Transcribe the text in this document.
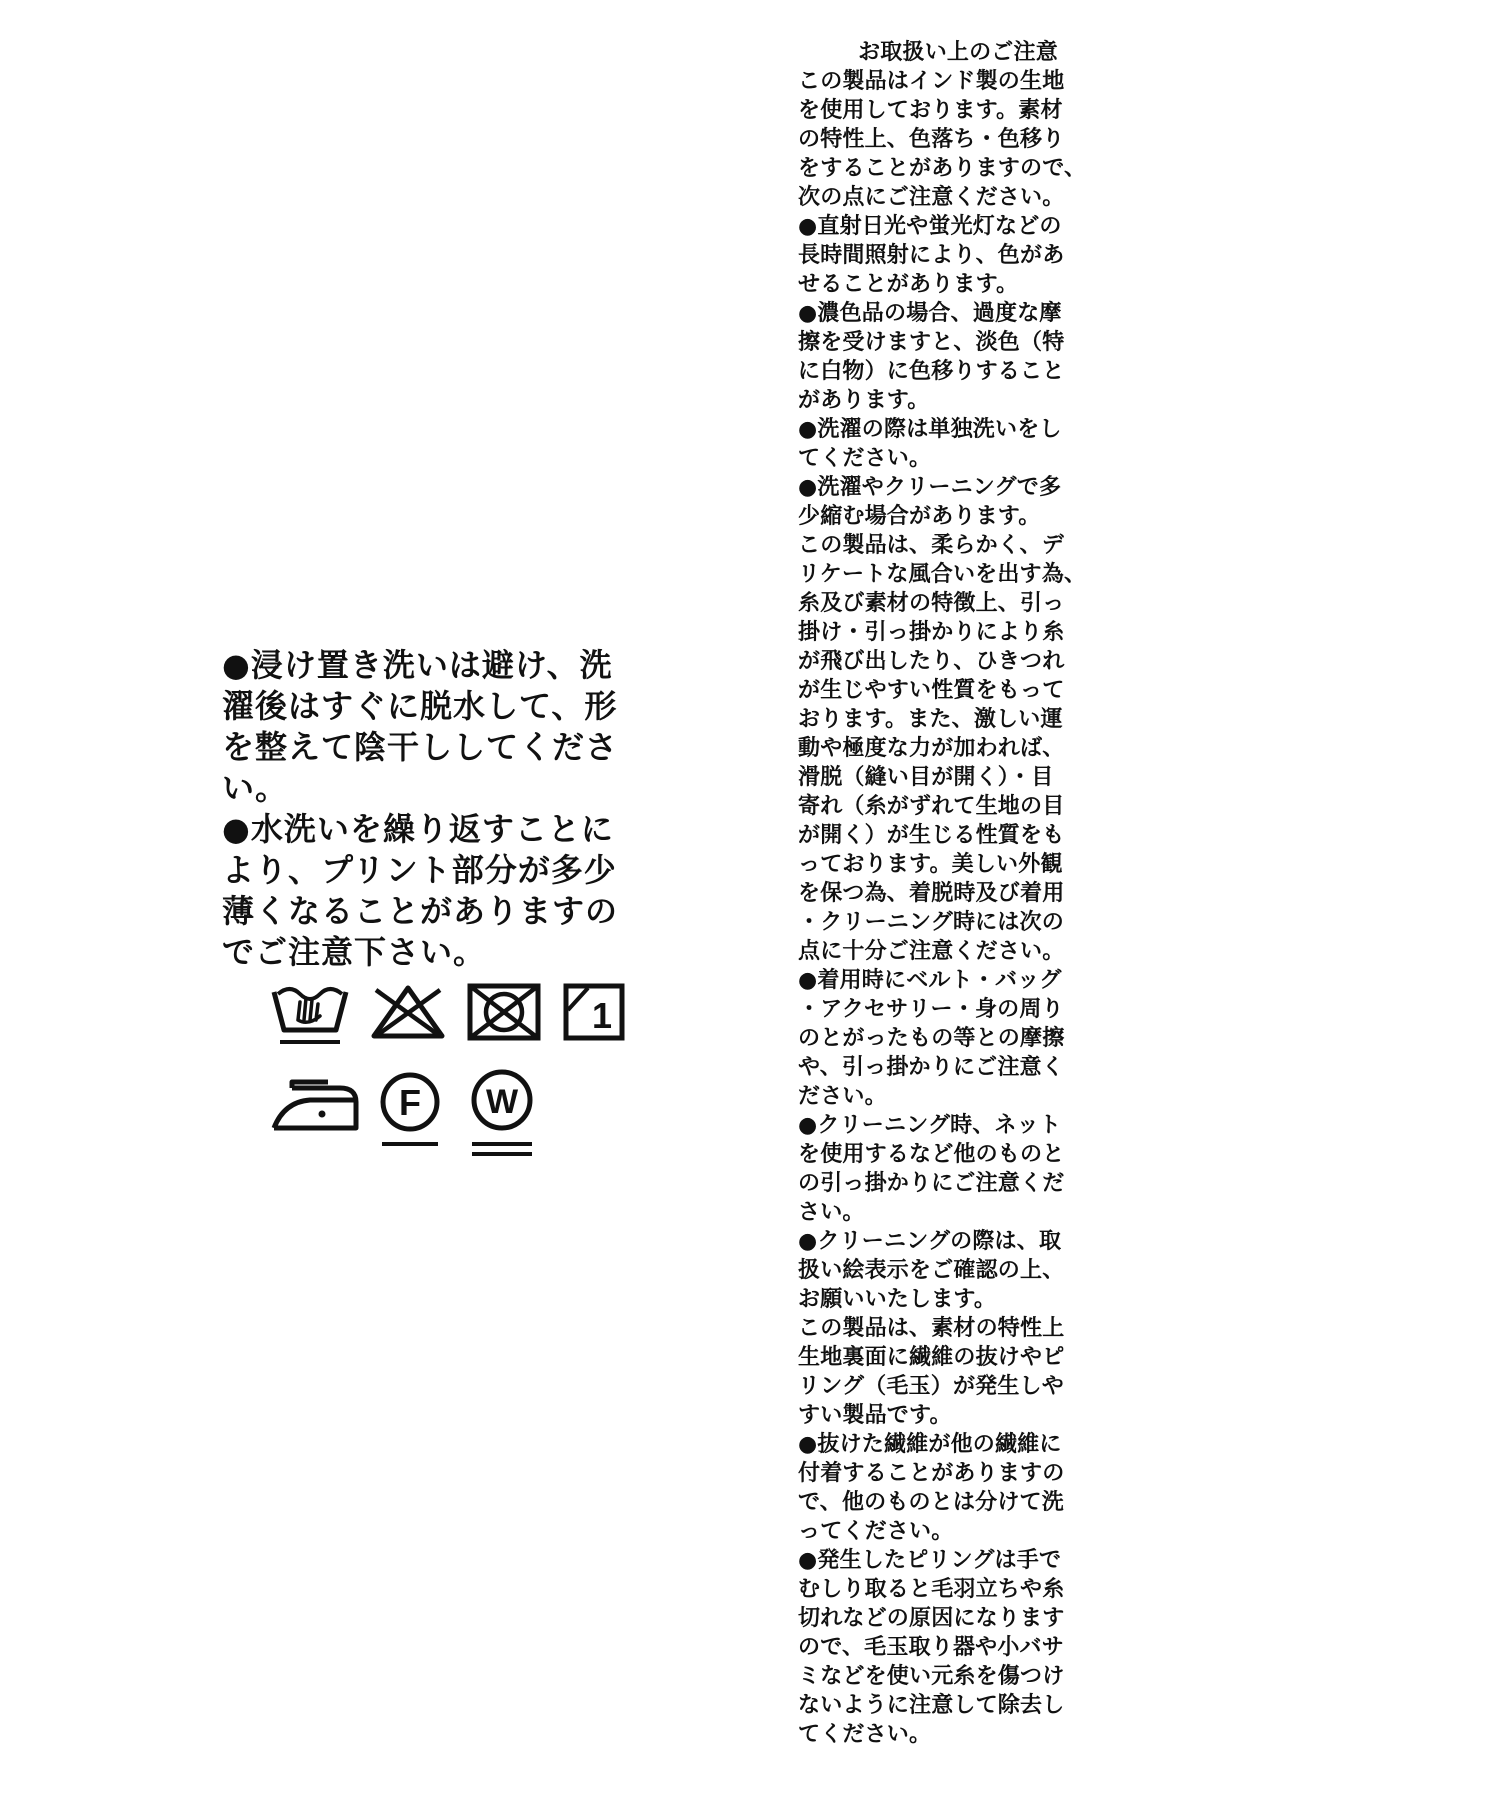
●浸け置き洗いは避け、洗
濯後はすぐに脱水して、形
を整えて陰干ししてくださ
い。

●水洗いを繰り返すことに
より、プリント部分が多少
薄くなることがありますの
でご注意下さい。

1
F W
お取扱い上のご注意

この製品はインド製の生地
を使用しております。素材
の特性上、色落ち・色移り
をすることがありますので、
次の点にご注意ください。

●直射日光や蛍光灯などの
長時間照射により、色があ
せることがあります。

●濃色品の場合、過度な摩
擦を受けますと、淡色（特
に白物）に色移りすること
があります。

●洗濯の際は単独洗いをし
てください。

●洗濯やクリーニングで多
少縮む場合があります。

この製品は、柔らかく、デ
リケートな風合いを出す為、
糸及び素材の特徴上、引っ
掛け・引っ掛かりにより糸
が飛び出したり、ひきつれ
が生じやすい性質をもって
おります。また、激しい運
動や極度な力が加われば、
滑脱（縫い目が開く）・目
寄れ（糸がずれて生地の目
が開く）が生じる性質をも
っております。美しい外観
を保つ為、着脱時及び着用
・クリーニング時には次の
点に十分ご注意ください。

●着用時にベルト・バッグ
・アクセサリー・身の周り
のとがったもの等との摩擦
や、引っ掛かりにご注意く
ださい。

●クリーニング時、ネット
を使用するなど他のものと
の引っ掛かりにご注意くだ
さい。

●クリーニングの際は、取
扱い絵表示をご確認の上、
お願いいたします。

この製品は、素材の特性上
生地裏面に繊維の抜けやピ
リング（毛玉）が発生しや
すい製品です。

●抜けた繊維が他の繊維に
付着することがありますの
で、他のものとは分けて洗
ってください。

●発生したピリングは手で
むしり取ると毛羽立ちや糸
切れなどの原因になります
ので、毛玉取り器や小バサ
ミなどを使い元糸を傷つけ
ないように注意して除去し
てください。
